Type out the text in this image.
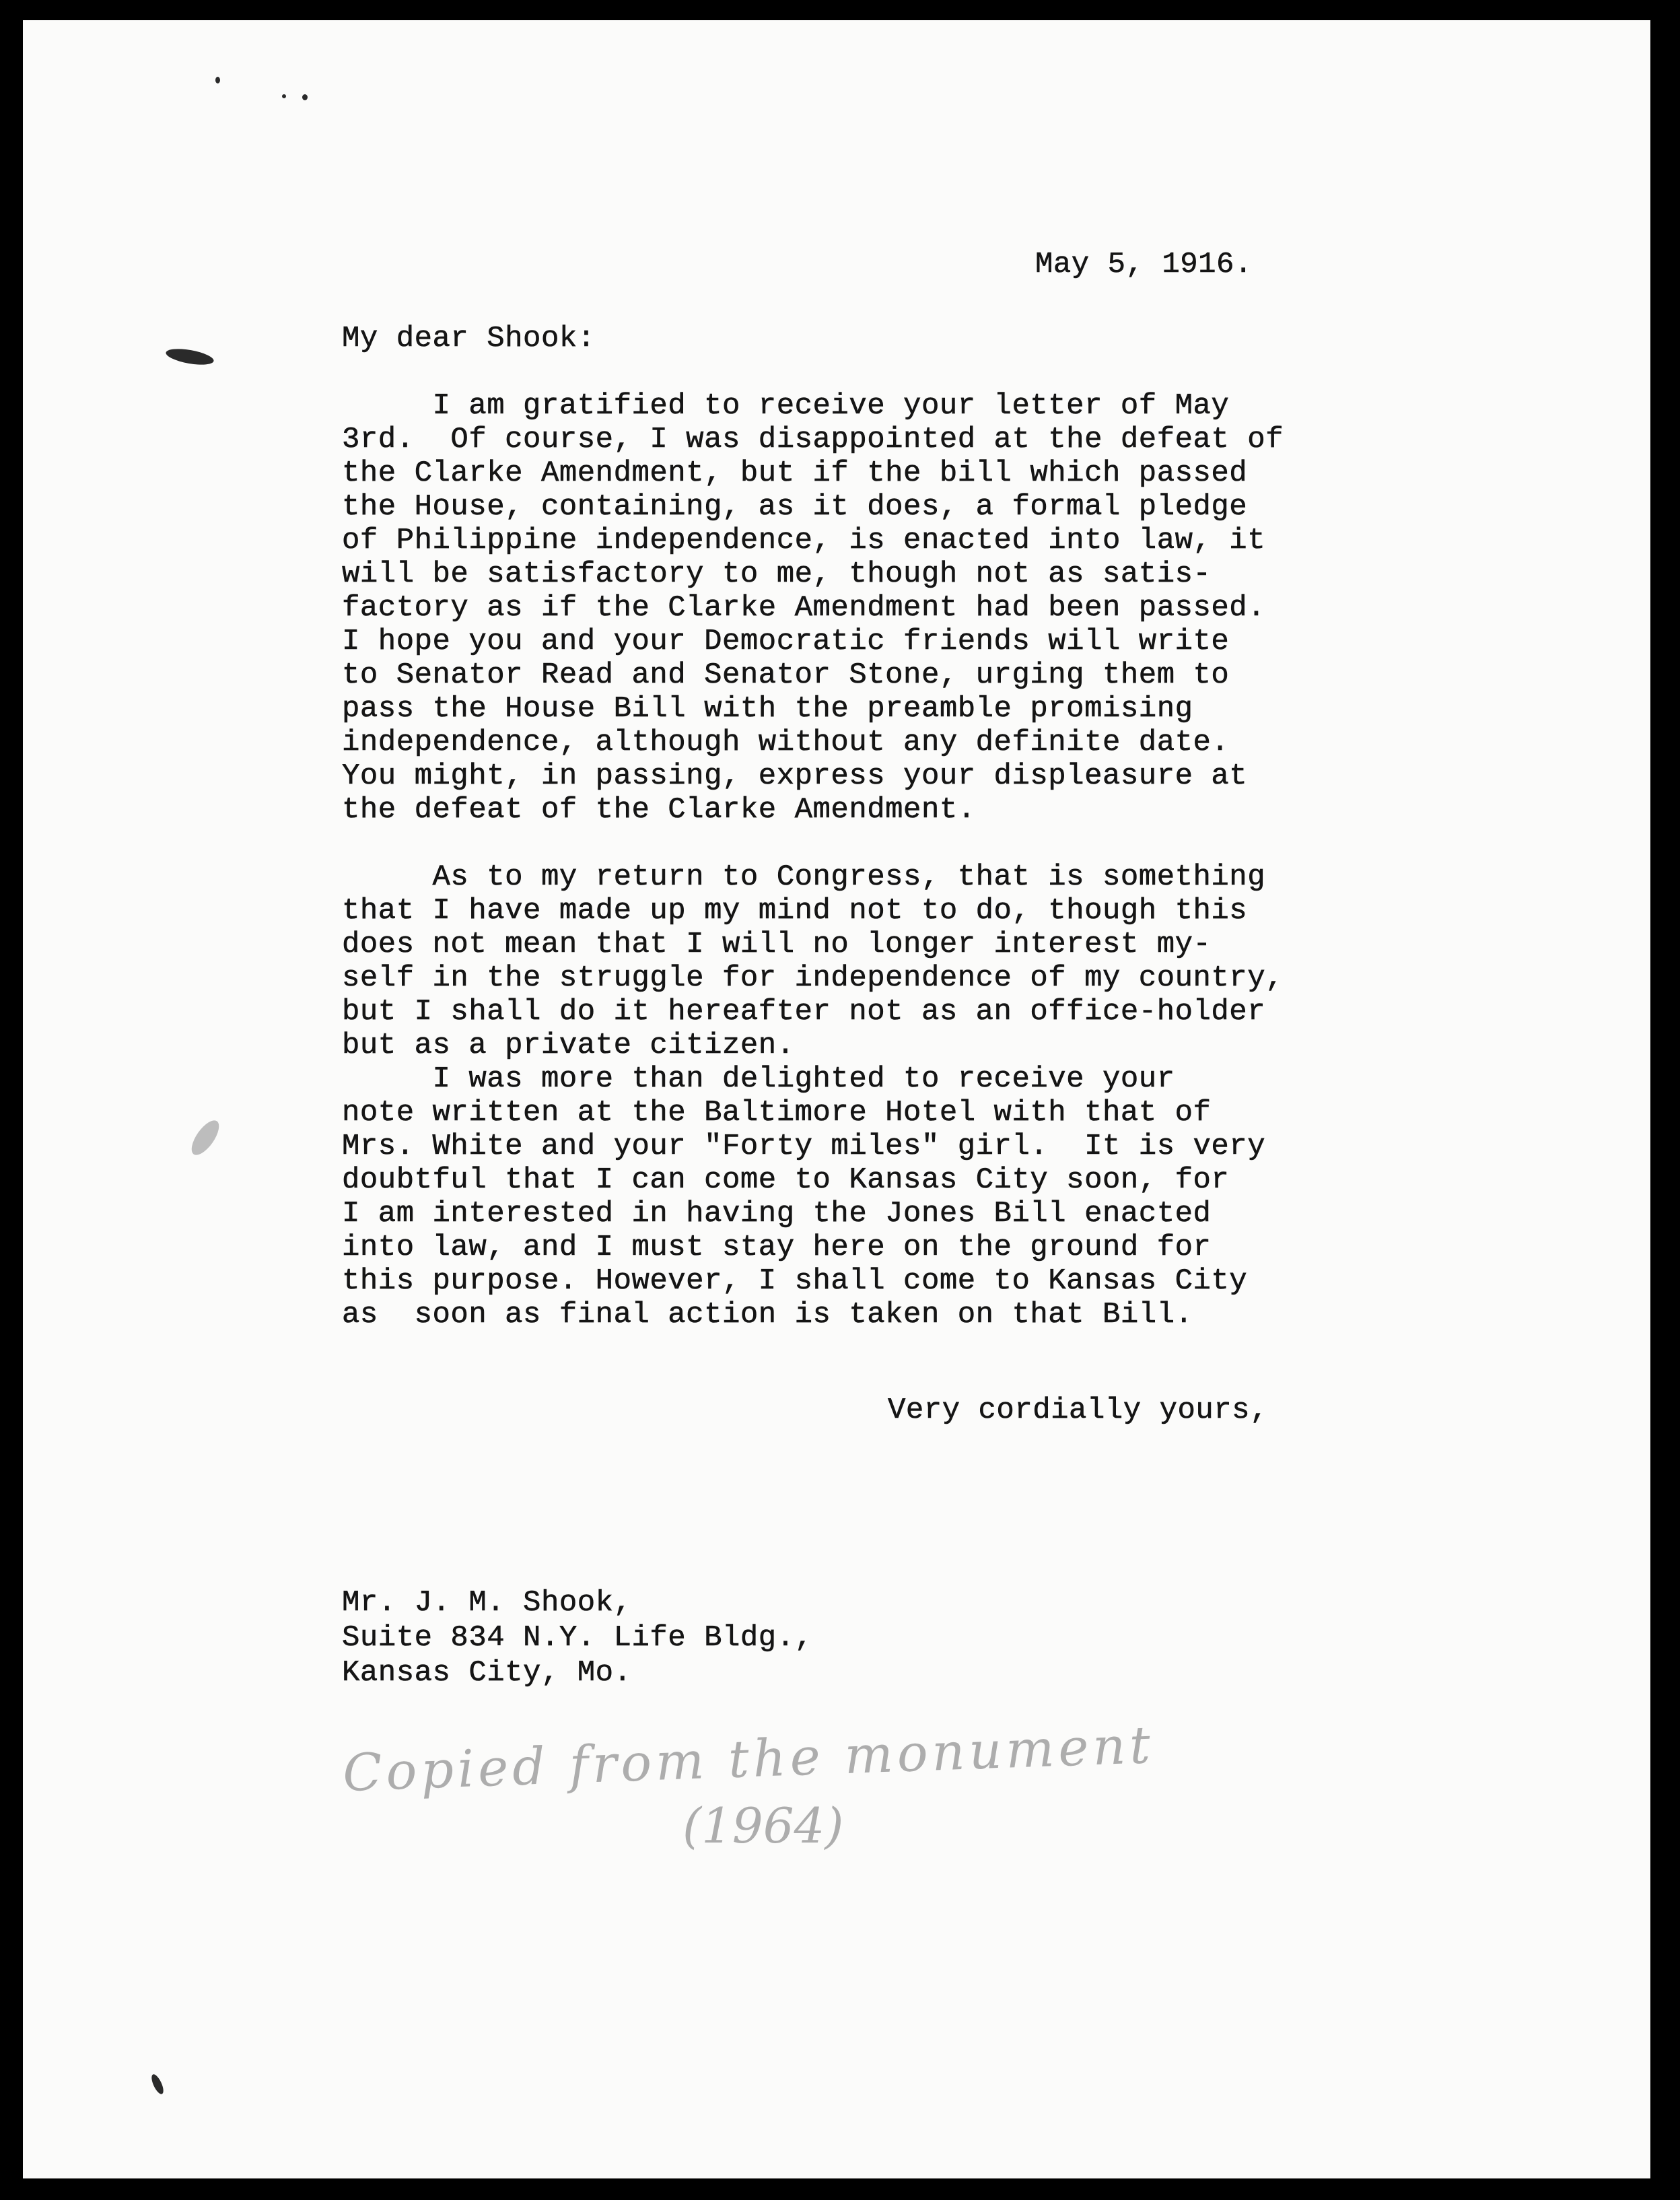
May 5, 1916.
My dear Shook:
I am gratified to receive your letter of May
3rd.  Of course, I was disappointed at the defeat of
the Clarke Amendment, but if the bill which passed
the House, containing, as it does, a formal pledge
of Philippine independence, is enacted into law, it
will be satisfactory to me, though not as satis-
factory as if the Clarke Amendment had been passed.
I hope you and your Democratic friends will write
to Senator Read and Senator Stone, urging them to
pass the House Bill with the preamble promising
independence, although without any definite date.
You might, in passing, express your displeasure at
the defeat of the Clarke Amendment.
As to my return to Congress, that is something
that I have made up my mind not to do, though this
does not mean that I will no longer interest my-
self in the struggle for independence of my country,
but I shall do it hereafter not as an office-holder
but as a private citizen.
I was more than delighted to receive your
note written at the Baltimore Hotel with that of
Mrs. White and your "Forty miles" girl.  It is very
doubtful that I can come to Kansas City soon, for
I am interested in having the Jones Bill enacted
into law, and I must stay here on the ground for
this purpose. However, I shall come to Kansas City
as  soon as final action is taken on that Bill.
Very cordially yours,
Mr. J. M. Shook,
Suite 834 N.Y. Life Bldg.,
Kansas City, Mo.
Copied from the monument
(1964)
